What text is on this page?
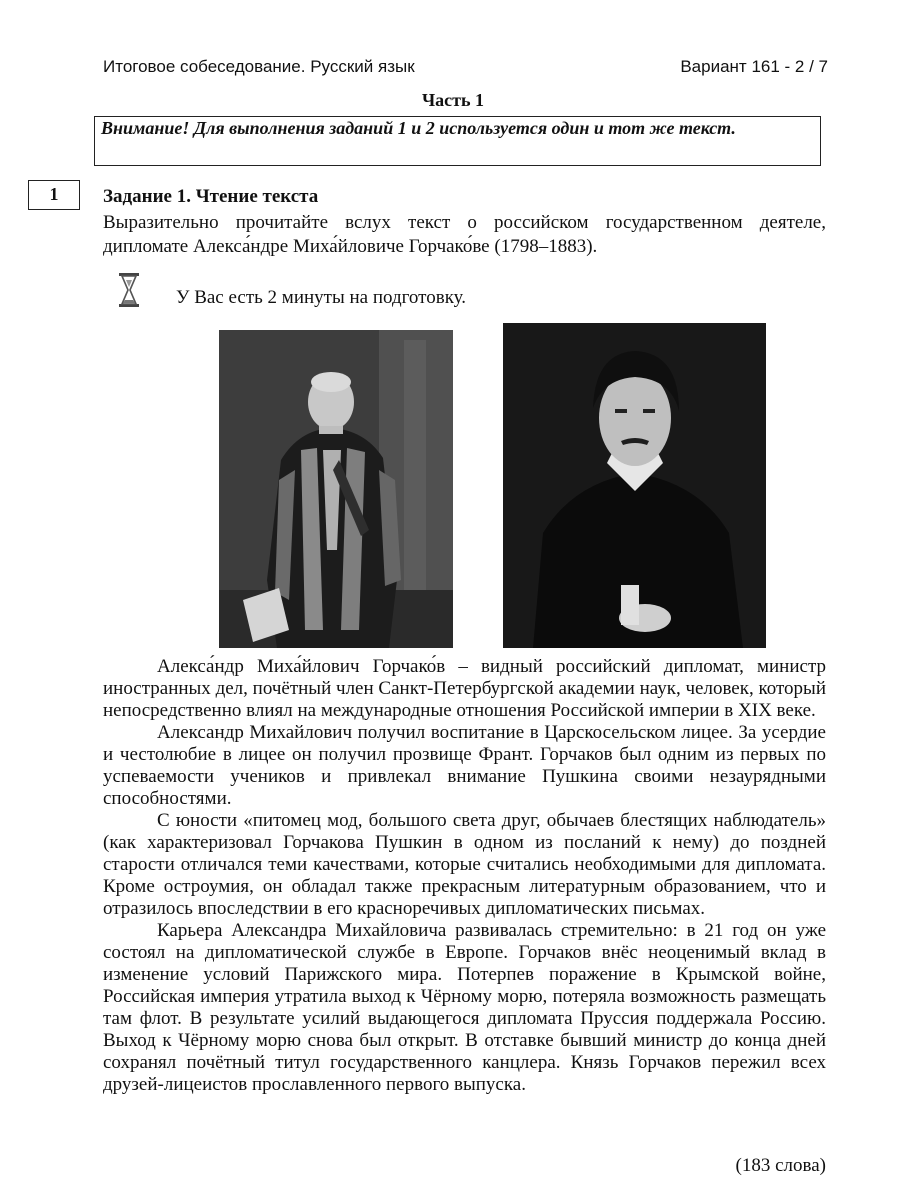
Итоговое собеседование. Русский язык	Вариант 161 - 2 / 7
Часть 1
Внимание! Для выполнения заданий 1 и 2 используется один и тот же текст.
1	Задание 1. Чтение текста
Выразительно прочитайте вслух текст о российском государственном деятеле, дипломате Алекса́ндре Миха́йловиче Горчако́ве (1798–1883).
У Вас есть 2 минуты на подготовку.

Алекса́ндр Миха́йлович Горчако́в – видный российский дипломат, министр иностранных дел, почётный член Санкт-Петербургской академии наук, человек, который непосредственно влиял на международные отношения Российской империи в XIX веке.

Александр Михайлович получил воспитание в Царскосельском лицее. За усердие и честолюбие в лицее он получил прозвище Франт. Горчаков был одним из первых по успеваемости учеников и привлекал внимание Пушкина своими незаурядными способностями.

С юности «питомец мод, большого света друг, обычаев блестящих наблюдатель» (как характеризовал Горчакова Пушкин в одном из посланий к нему) до поздней старости отличался теми качествами, которые считались необходимыми для дипломата. Кроме остроумия, он обладал также прекрасным литературным образованием, что и отразилось впоследствии в его красноречивых дипломатических письмах.

Карьера Александра Михайловича развивалась стремительно: в 21 год он уже состоял на дипломатической службе в Европе. Горчаков внёс неоценимый вклад в изменение условий Парижского мира. Потерпев поражение в Крымской войне, Российская империя утратила выход к Чёрному морю, потеряла возможность размещать там флот. В результате усилий выдающегося дипломата Пруссия поддержала Россию. Выход к Чёрному морю снова был открыт. В отставке бывший министр до конца дней сохранял почётный титул государственного канцлера. Князь Горчаков пережил всех друзей-лицеистов прославленного первого выпуска.

(183 слова)
